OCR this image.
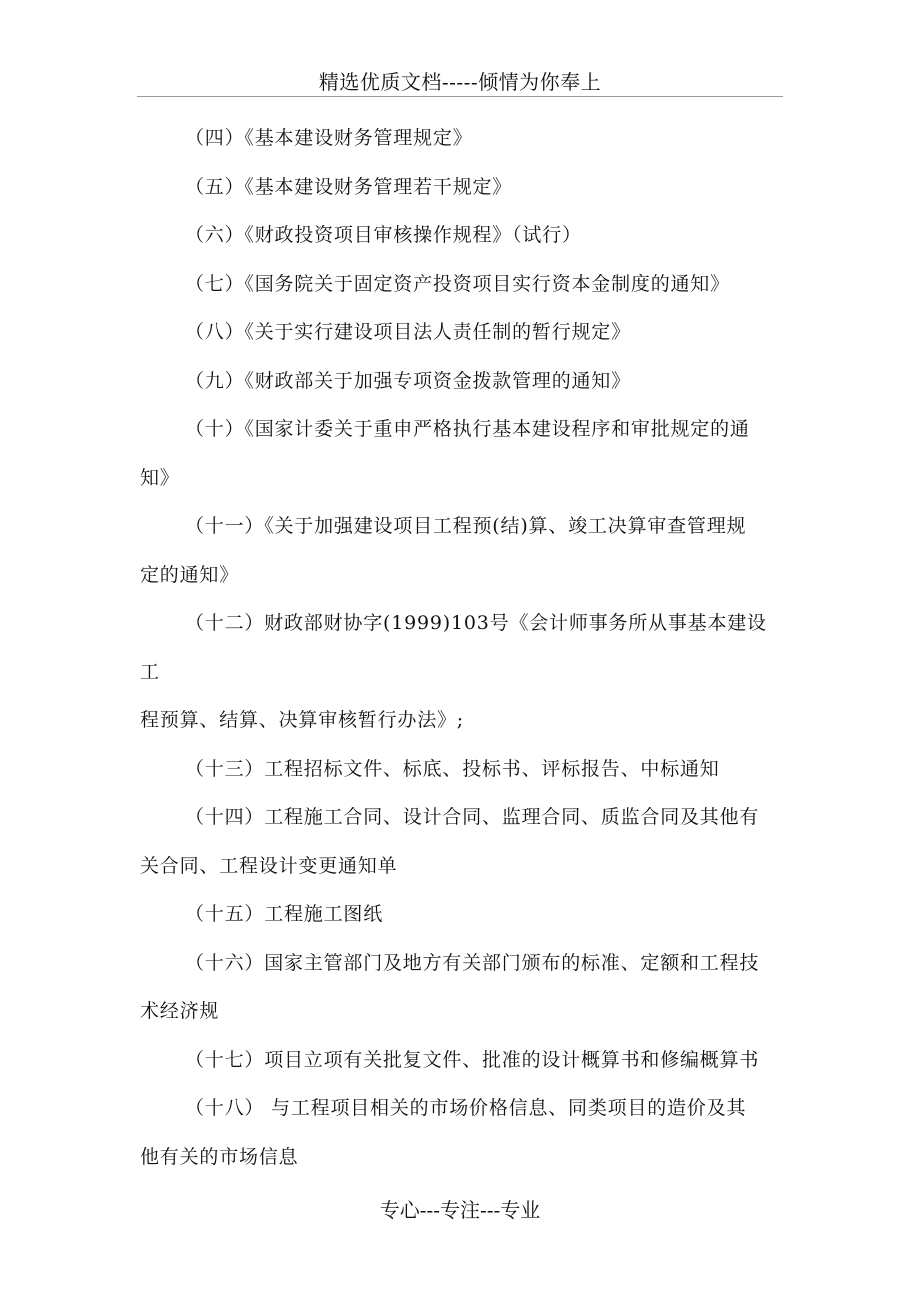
精选优质文档-----倾情为你奉上
（四）《基本建设财务管理规定》
（五）《基本建设财务管理若干规定》
（六）《财政投资项目审核操作规程》（试行）
（七）《国务院关于固定资产投资项目实行资本金制度的通知》
（八）《关于实行建设项目法人责任制的暂行规定》
（九）《财政部关于加强专项资金拨款管理的通知》
（十）《国家计委关于重申严格执行基本建设程序和审批规定的通
知》
（十一）《关于加强建设项目工程预(结)算、竣工决算审查管理规
定的通知》
（十二）财政部财协字(1999)103号《会计师事务所从事基本建设
工
程预算、结算、决算审核暂行办法》;
（十三）工程招标文件、标底、投标书、评标报告、中标通知
（十四）工程施工合同、设计合同、监理合同、质监合同及其他有
关合同、工程设计变更通知单
（十五）工程施工图纸
（十六）国家主管部门及地方有关部门颁布的标准、定额和工程技
术经济规
（十七）项目立项有关批复文件、批准的设计概算书和修编概算书
（十八） 与工程项目相关的市场价格信息、同类项目的造价及其
他有关的市场信息
专心---专注---专业
